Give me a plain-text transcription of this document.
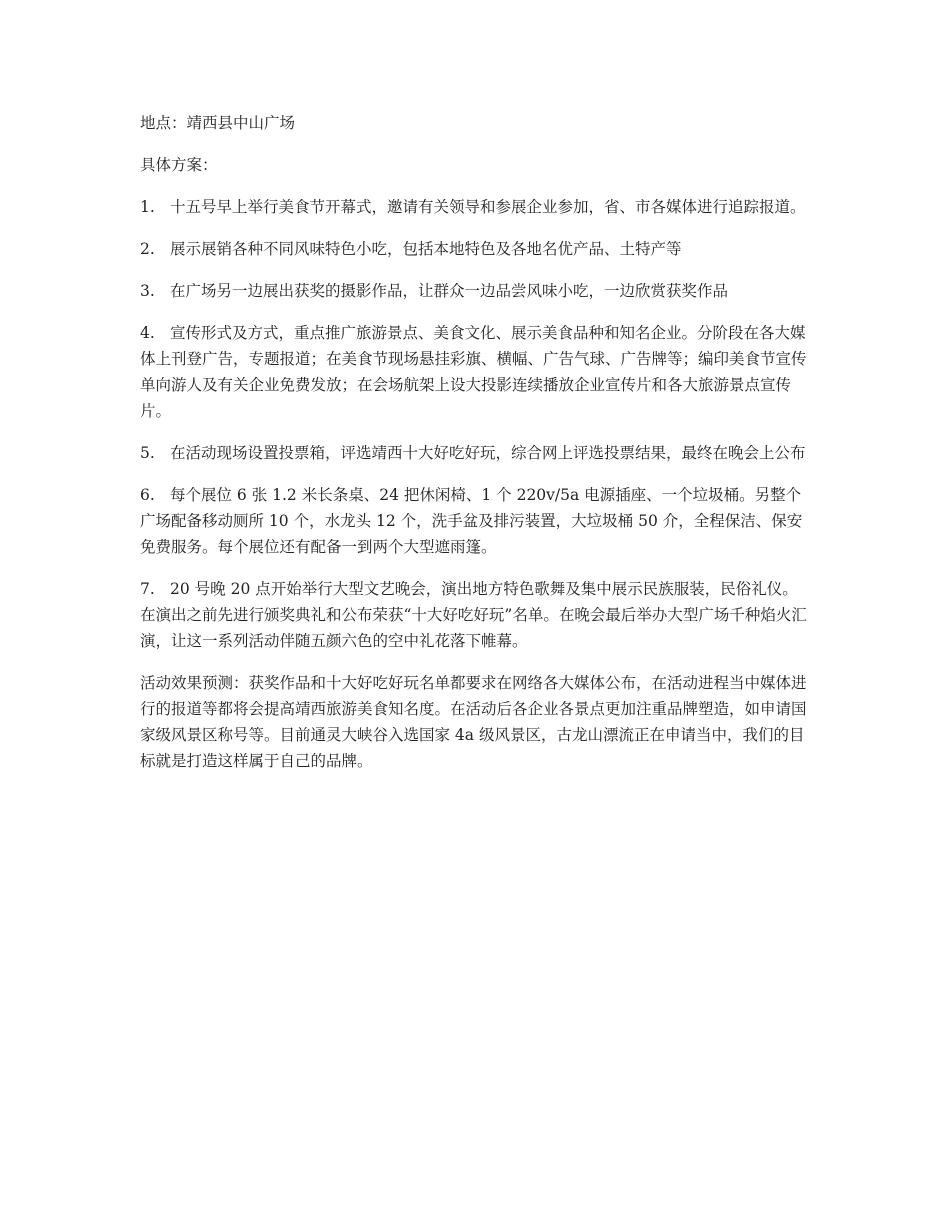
地点：靖西县中山广场

具体方案：

1. 十五号早上举行美食节开幕式，邀请有关领导和参展企业参加，省、市各媒体进行追踪报道。

2. 展示展销各种不同风味特色小吃，包括本地特色及各地名优产品、土特产等

3. 在广场另一边展出获奖的摄影作品，让群众一边品尝风味小吃，一边欣赏获奖作品

4. 宣传形式及方式，重点推广旅游景点、美食文化、展示美食品种和知名企业。分阶段在各大媒体上刊登广告，专题报道；在美食节现场悬挂彩旗、横幅、广告气球、广告牌等；编印美食节宣传单向游人及有关企业免费发放；在会场航架上设大投影连续播放企业宣传片和各大旅游景点宣传片。

5. 在活动现场设置投票箱，评选靖西十大好吃好玩，综合网上评选投票结果，最终在晚会上公布

6. 每个展位 6 张 1.2 米长条桌、24 把休闲椅、1 个 220v/5a 电源插座、一个垃圾桶。另整个广场配备移动厕所 10 个，水龙头 12 个，洗手盆及排污装置，大垃圾桶 50 介，全程保洁、保安免费服务。每个展位还有配备一到两个大型遮雨篷。

7. 20 号晚 20 点开始举行大型文艺晚会，演出地方特色歌舞及集中展示民族服装，民俗礼仪。在演出之前先进行颁奖典礼和公布荣获“十大好吃好玩”名单。在晚会最后举办大型广场千种焰火汇演，让这一系列活动伴随五颜六色的空中礼花落下帷幕。

活动效果预测：获奖作品和十大好吃好玩名单都要求在网络各大媒体公布，在活动进程当中媒体进行的报道等都将会提高靖西旅游美食知名度。在活动后各企业各景点更加注重品牌塑造，如申请国家级风景区称号等。目前通灵大峡谷入选国家 4a 级风景区，古龙山漂流正在申请当中，我们的目标就是打造这样属于自己的品牌。
